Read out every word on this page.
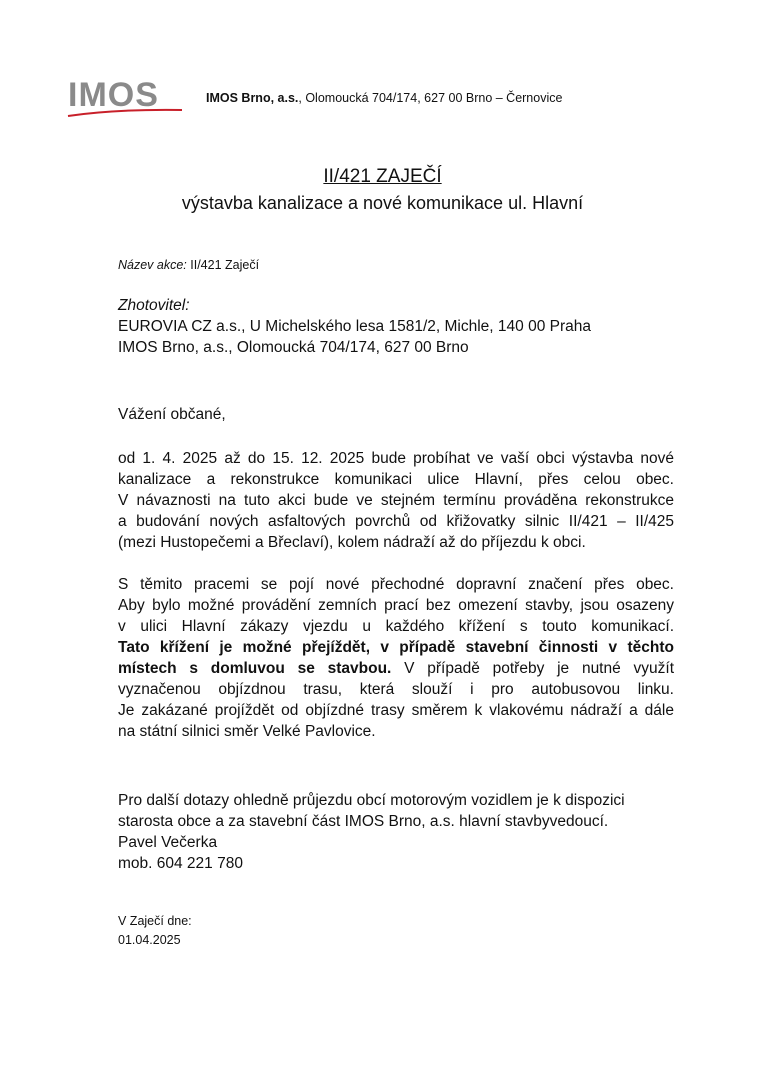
IMOS	IMOS Brno, a.s., Olomoucká 704/174, 627 00 Brno – Černovice
II/421 ZAJEČÍ
výstavba kanalizace a nové komunikace ul. Hlavní
Název akce: II/421 Zaječí
Zhotovitel:
EUROVIA CZ a.s., U Michelského lesa 1581/2, Michle, 140 00 Praha
IMOS Brno, a.s., Olomoucká 704/174, 627 00 Brno
Vážení občané,
od 1. 4. 2025 až do 15. 12. 2025 bude probíhat ve vaší obci výstavba nové
kanalizace a rekonstrukce komunikaci ulice Hlavní, přes celou obec.
V návaznosti na tuto akci bude ve stejném termínu prováděna rekonstrukce
a budování nových asfaltových povrchů od křižovatky silnic II/421 – II/425
(mezi Hustopečemi a Břeclaví), kolem nádraží až do příjezdu k obci.
S těmito pracemi se pojí nové přechodné dopravní značení přes obec.
Aby bylo možné provádění zemních prací bez omezení stavby, jsou osazeny
v ulici Hlavní zákazy vjezdu u každého křížení s touto komunikací.
Tato křížení je možné přejíždět, v případě stavební činnosti v těchto
místech s domluvou se stavbou. V případě potřeby je nutné využít
vyznačenou objízdnou trasu, která slouží i pro autobusovou linku.
Je zakázané projíždět od objízdné trasy směrem k vlakovému nádraží a dále
na státní silnici směr Velké Pavlovice.
Pro další dotazy ohledně průjezdu obcí motorovým vozidlem je k dispozici
starosta obce a za stavební část IMOS Brno, a.s. hlavní stavbyvedoucí.
Pavel Večerka
mob. 604 221 780
V Zaječí dne:
01.04.2025
